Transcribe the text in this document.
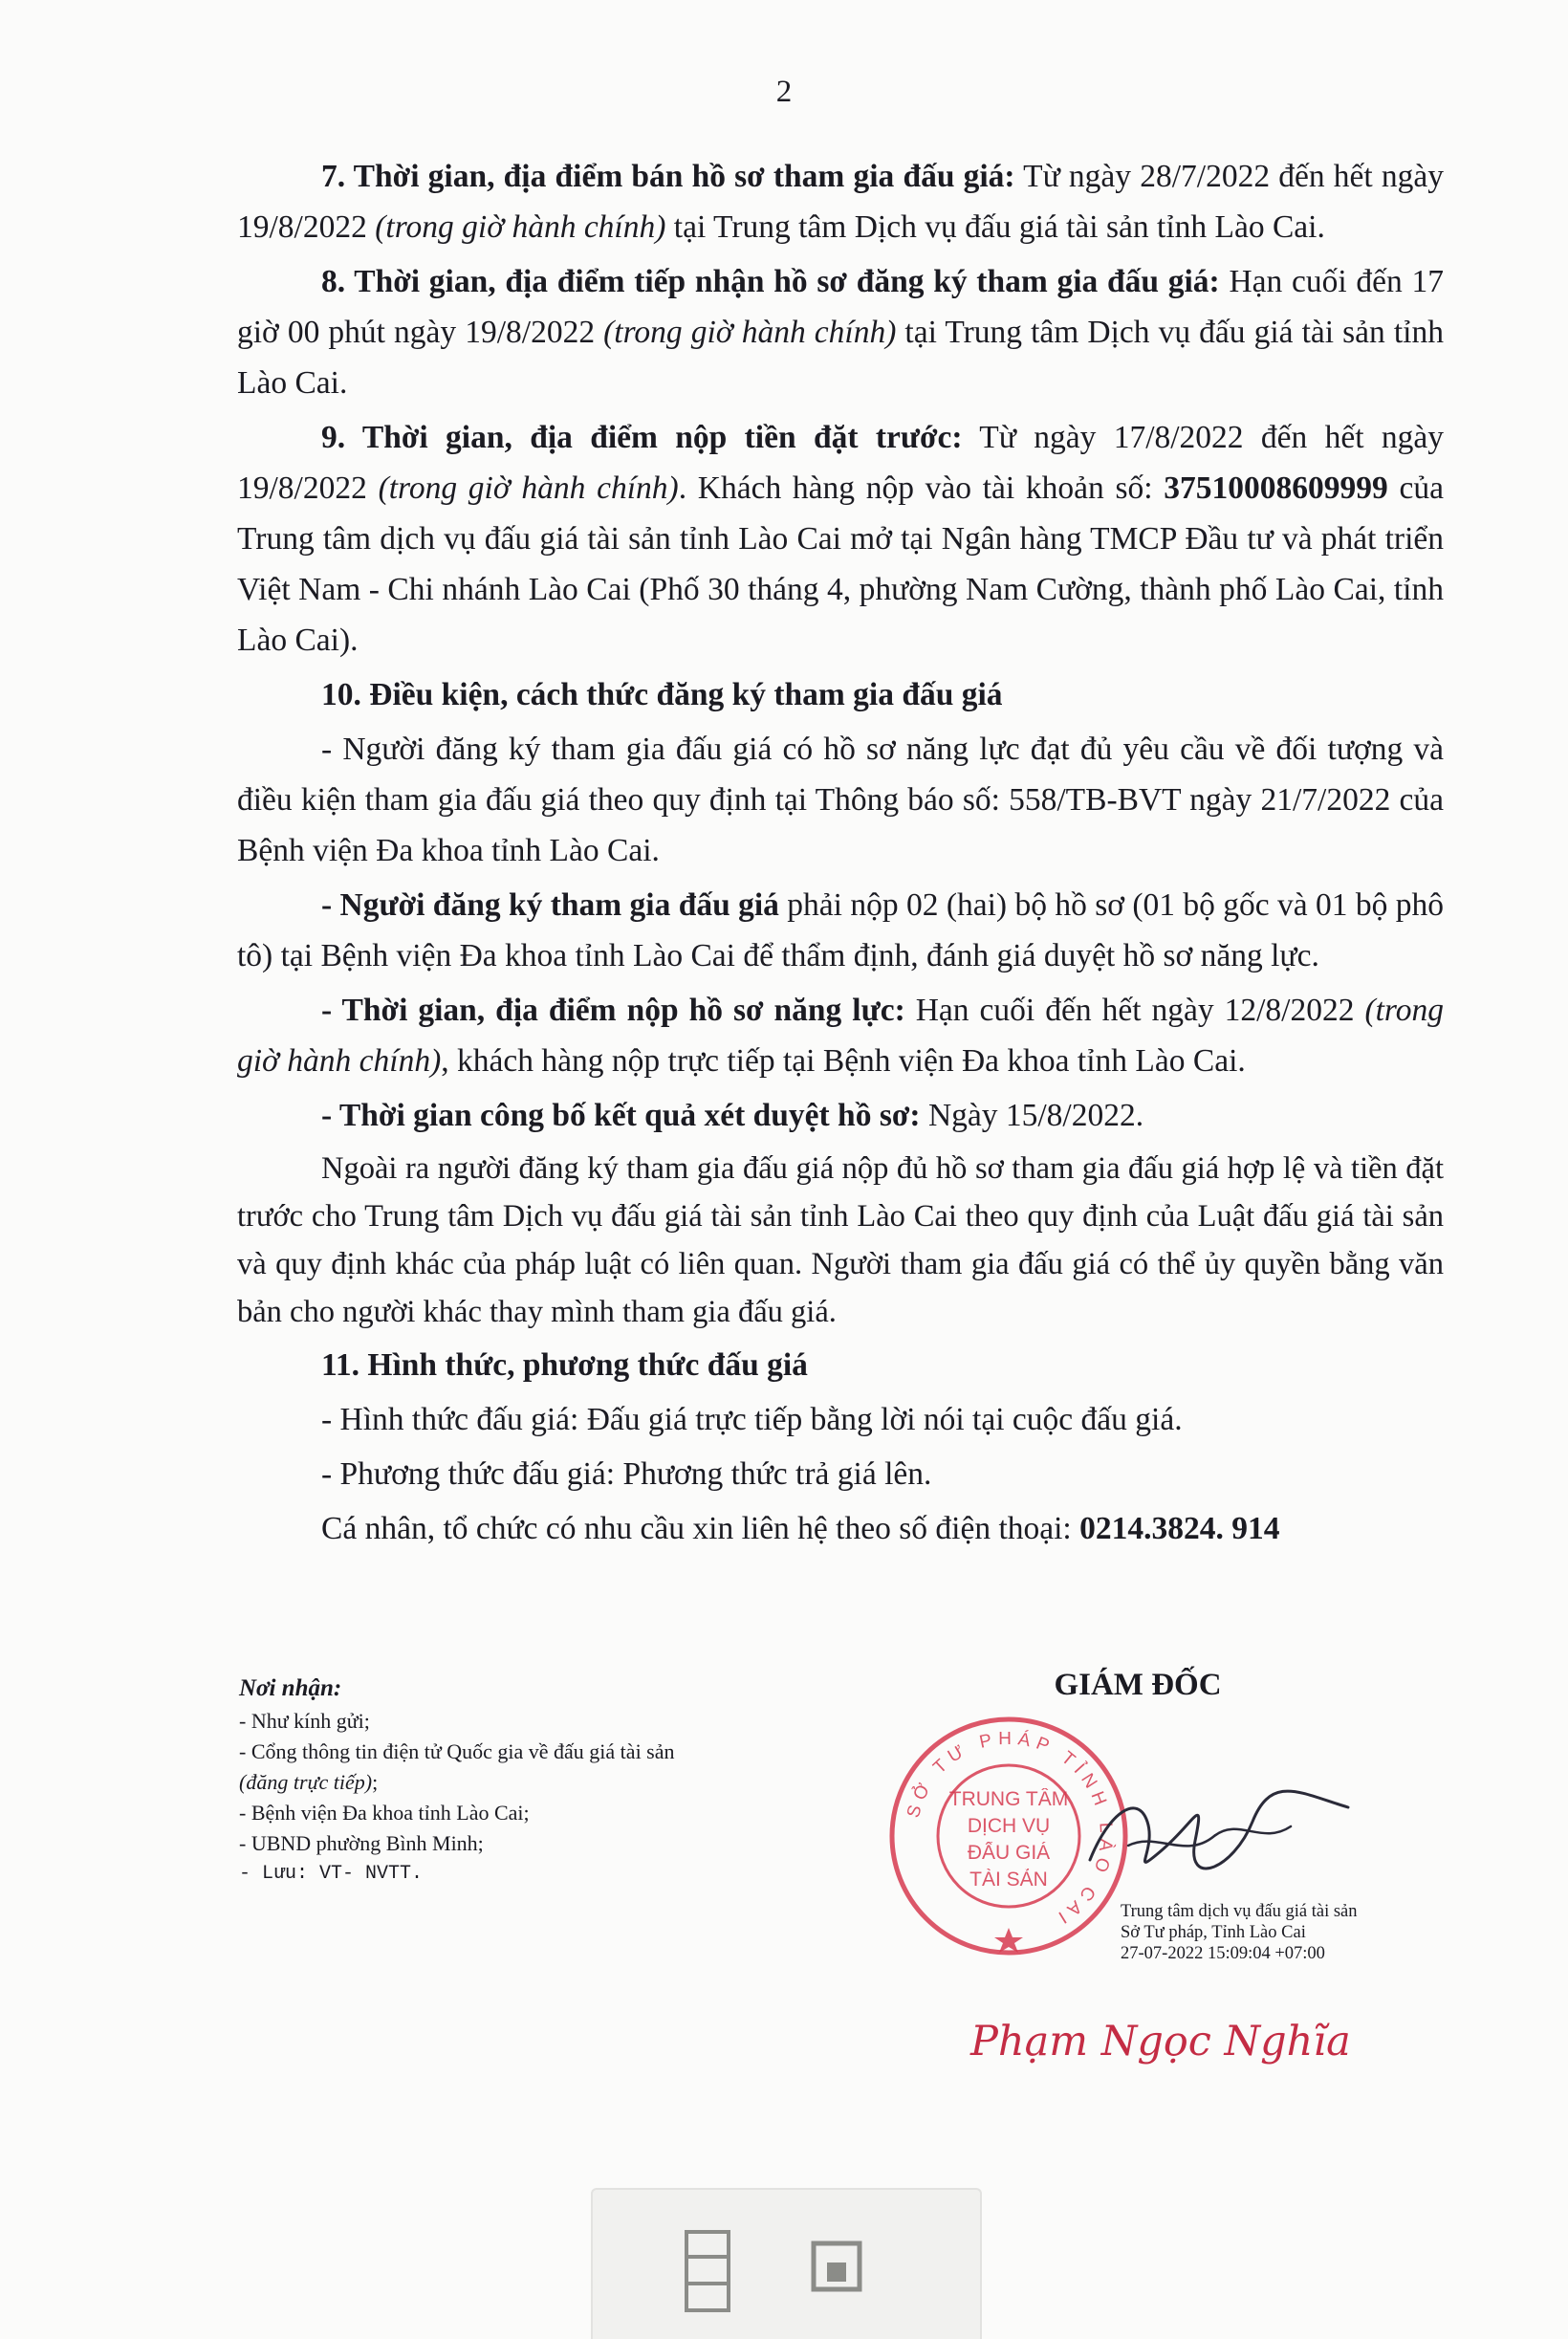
2

7. Thời gian, địa điểm bán hồ sơ tham gia đấu giá: Từ ngày 28/7/2022 đến hết ngày 19/8/2022 (trong giờ hành chính) tại Trung tâm Dịch vụ đấu giá tài sản tỉnh Lào Cai.

8. Thời gian, địa điểm tiếp nhận hồ sơ đăng ký tham gia đấu giá: Hạn cuối đến 17 giờ 00 phút ngày 19/8/2022 (trong giờ hành chính) tại Trung tâm Dịch vụ đấu giá tài sản tỉnh Lào Cai.

9. Thời gian, địa điểm nộp tiền đặt trước: Từ ngày 17/8/2022 đến hết ngày 19/8/2022 (trong giờ hành chính). Khách hàng nộp vào tài khoản số: 37510008609999 của Trung tâm dịch vụ đấu giá tài sản tỉnh Lào Cai mở tại Ngân hàng TMCP Đầu tư và phát triển Việt Nam - Chi nhánh Lào Cai (Phố 30 tháng 4, phường Nam Cường, thành phố Lào Cai, tỉnh Lào Cai).

10. Điều kiện, cách thức đăng ký tham gia đấu giá

- Người đăng ký tham gia đấu giá có hồ sơ năng lực đạt đủ yêu cầu về đối tượng và điều kiện tham gia đấu giá theo quy định tại Thông báo số: 558/TB-BVT ngày 21/7/2022 của Bệnh viện Đa khoa tỉnh Lào Cai.

- Người đăng ký tham gia đấu giá phải nộp 02 (hai) bộ hồ sơ (01 bộ gốc và 01 bộ phô tô) tại Bệnh viện Đa khoa tỉnh Lào Cai để thẩm định, đánh giá duyệt hồ sơ năng lực.

- Thời gian, địa điểm nộp hồ sơ năng lực: Hạn cuối đến hết ngày 12/8/2022 (trong giờ hành chính), khách hàng nộp trực tiếp tại Bệnh viện Đa khoa tỉnh Lào Cai.

- Thời gian công bố kết quả xét duyệt hồ sơ: Ngày 15/8/2022.

Ngoài ra người đăng ký tham gia đấu giá nộp đủ hồ sơ tham gia đấu giá hợp lệ và tiền đặt trước cho Trung tâm Dịch vụ đấu giá tài sản tỉnh Lào Cai theo quy định của Luật đấu giá tài sản và quy định khác của pháp luật có liên quan. Người tham gia đấu giá có thể ủy quyền bằng văn bản cho người khác thay mình tham gia đấu giá.

11. Hình thức, phương thức đấu giá

- Hình thức đấu giá: Đấu giá trực tiếp bằng lời nói tại cuộc đấu giá.

- Phương thức đấu giá: Phương thức trả giá lên.

Cá nhân, tổ chức có nhu cầu xin liên hệ theo số điện thoại: 0214.3824. 914

Nơi nhận:
- Như kính gửi;
- Cổng thông tin điện tử Quốc gia về đấu giá tài sản (đăng trực tiếp);
- Bệnh viện Đa khoa tỉnh Lào Cai;
- UBND phường Bình Minh;
- Lưu: VT- NVTT.
GIÁM ĐỐC
SỞ TƯ PHÁP TỈNH LÀO CAI
TRUNG TÂM
DỊCH VỤ
ĐẤU GIÁ
TÀI SẢN
Trung tâm dịch vụ đấu giá tài sản
Sở Tư pháp, Tỉnh Lào Cai
27-07-2022 15:09:04 +07:00
Phạm Ngọc Nghĩa
